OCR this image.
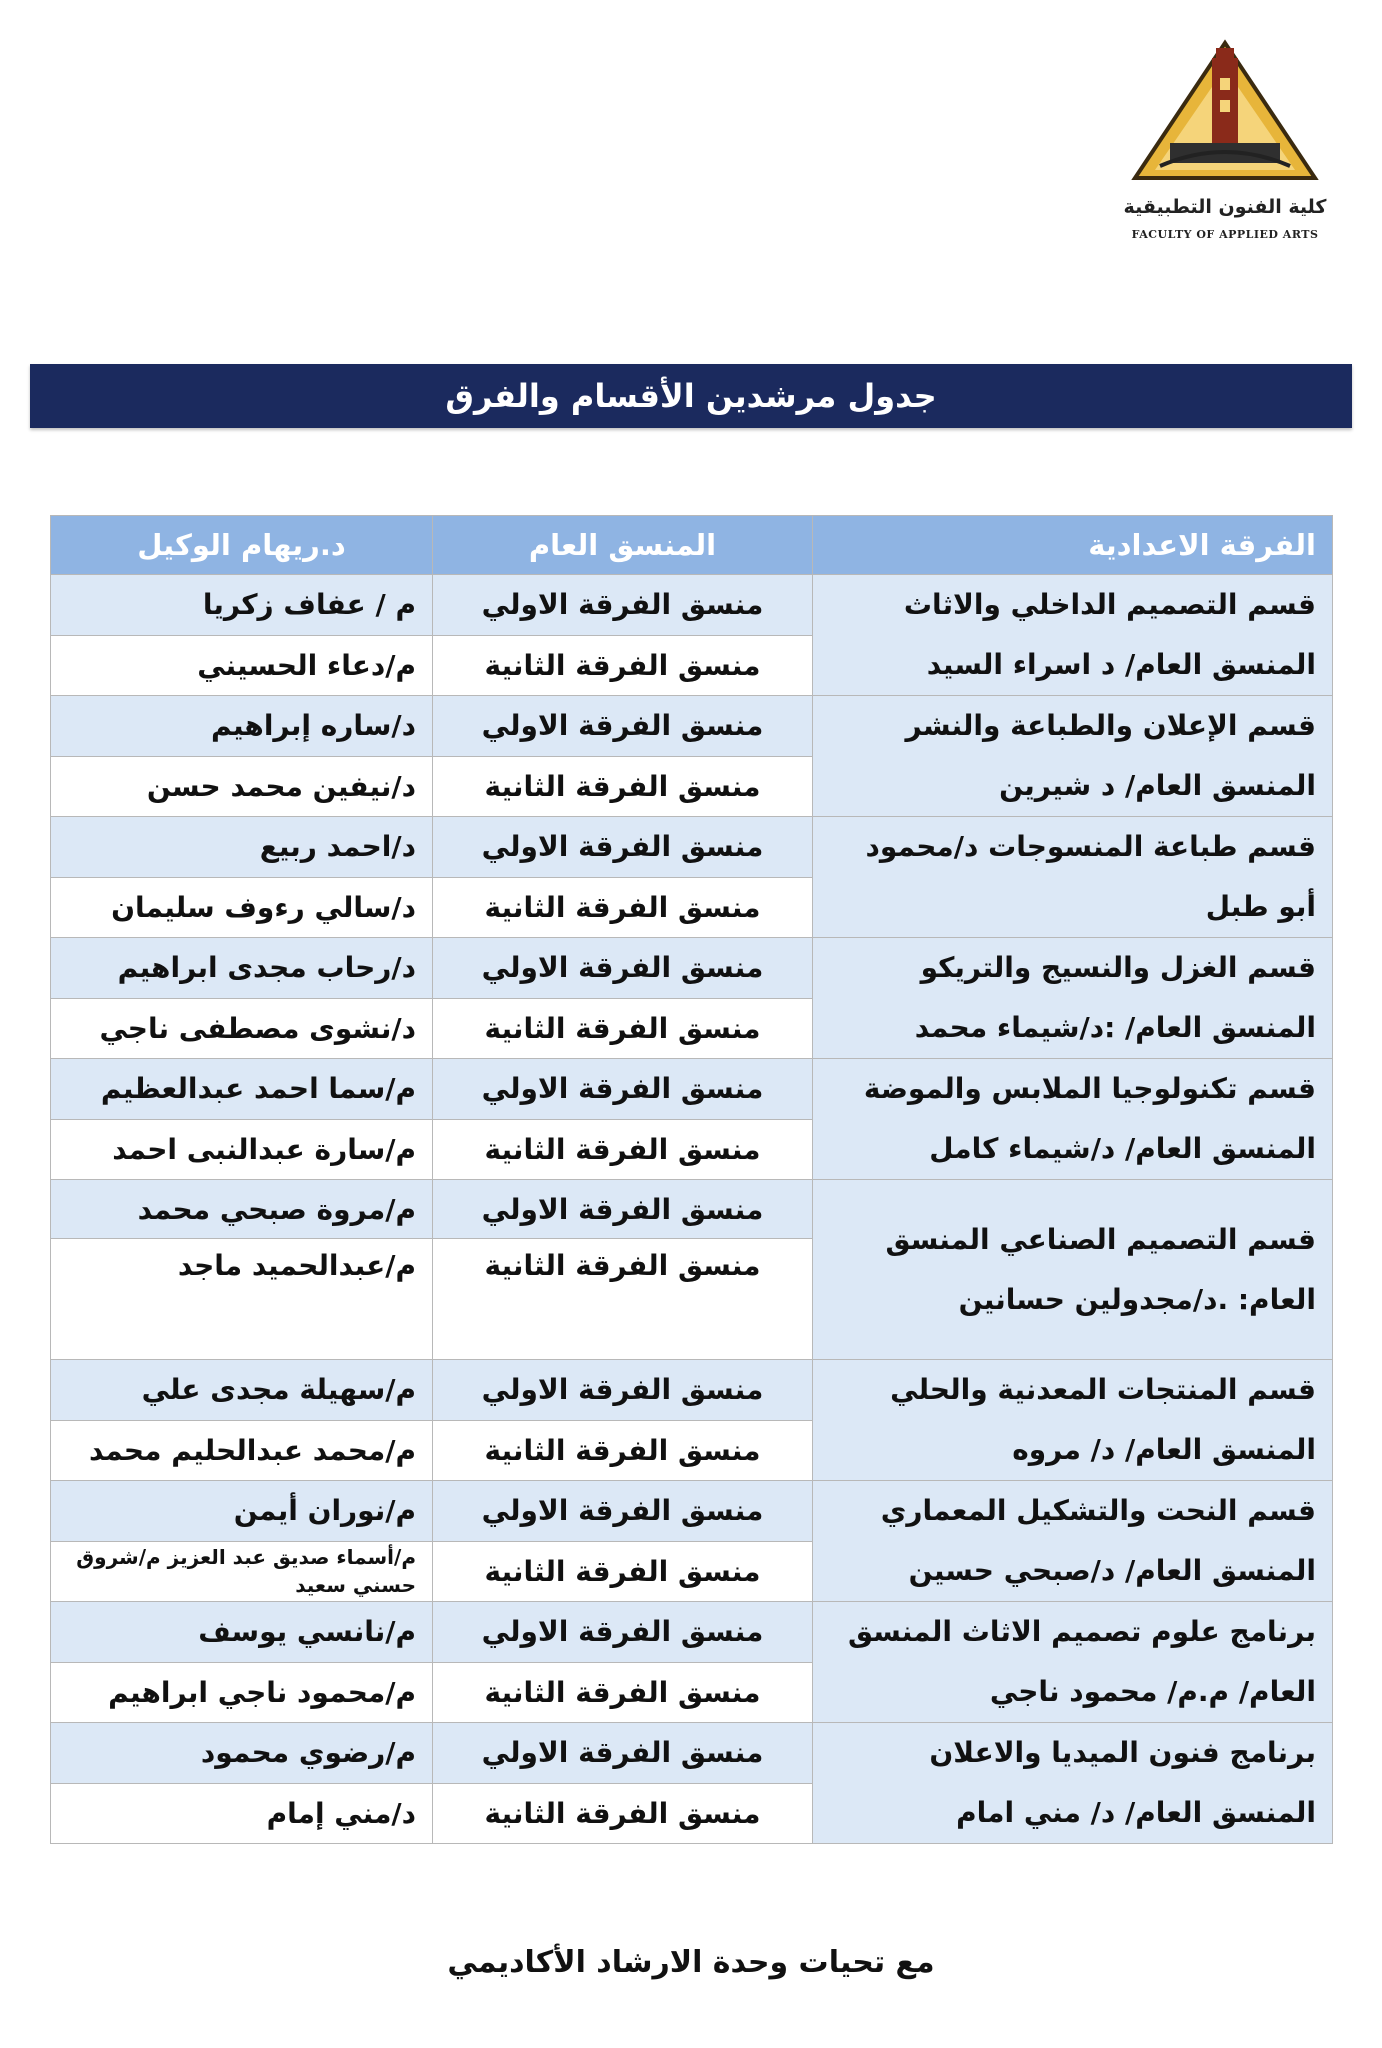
كلية الفنون التطبيقية
FACULTY OF APPLIED ARTS
جدول مرشدين الأقسام والفرق
الفرقة الاعدادية	المنسق العام	د.ريهام الوكيل
قسم التصميم الداخلي والاثاث المنسق العام/ د اسراء السيد	منسق الفرقة الاولي	م / عفاف زكريا
	منسق الفرقة الثانية	م/دعاء الحسيني
قسم الإعلان والطباعة والنشر المنسق العام/ د شيرين	منسق الفرقة الاولي	د/ساره إبراهيم
	منسق الفرقة الثانية	د/نيفين محمد حسن
قسم طباعة المنسوجات د/محمود أبو طبل	منسق الفرقة الاولي	د/احمد ربيع
	منسق الفرقة الثانية	د/سالي رءوف سليمان
قسم الغزل والنسيج والتريكو المنسق العام/ :د/شيماء محمد	منسق الفرقة الاولي	د/رحاب مجدى ابراهيم
	منسق الفرقة الثانية	د/نشوى مصطفى ناجي
قسم تكنولوجيا الملابس والموضة المنسق العام/ د/شيماء كامل	منسق الفرقة الاولي	م/سما احمد عبدالعظيم
	منسق الفرقة الثانية	م/سارة عبدالنبى احمد
قسم التصميم الصناعي المنسق العام: .د/مجدولين حسانين	منسق الفرقة الاولي	م/مروة صبحي محمد
	منسق الفرقة الثانية	م/عبدالحميد ماجد
قسم المنتجات المعدنية والحلي المنسق العام/ د/ مروه	منسق الفرقة الاولي	م/سهيلة مجدى علي
	منسق الفرقة الثانية	م/محمد عبدالحليم محمد
قسم النحت والتشكيل المعماري المنسق العام/ د/صبحي حسين	منسق الفرقة الاولي	م/نوران أيمن
	منسق الفرقة الثانية	م/أسماء صديق عبد العزيز م/شروق حسني سعيد
برنامج علوم تصميم الاثاث المنسق العام/ م.م/ محمود ناجي	منسق الفرقة الاولي	م/نانسي يوسف
	منسق الفرقة الثانية	م/محمود ناجي ابراهيم
برنامج فنون الميديا والاعلان المنسق العام/ د/ مني امام	منسق الفرقة الاولي	م/رضوي محمود
	منسق الفرقة الثانية	د/مني إمام
مع تحيات وحدة الارشاد الأكاديمي
